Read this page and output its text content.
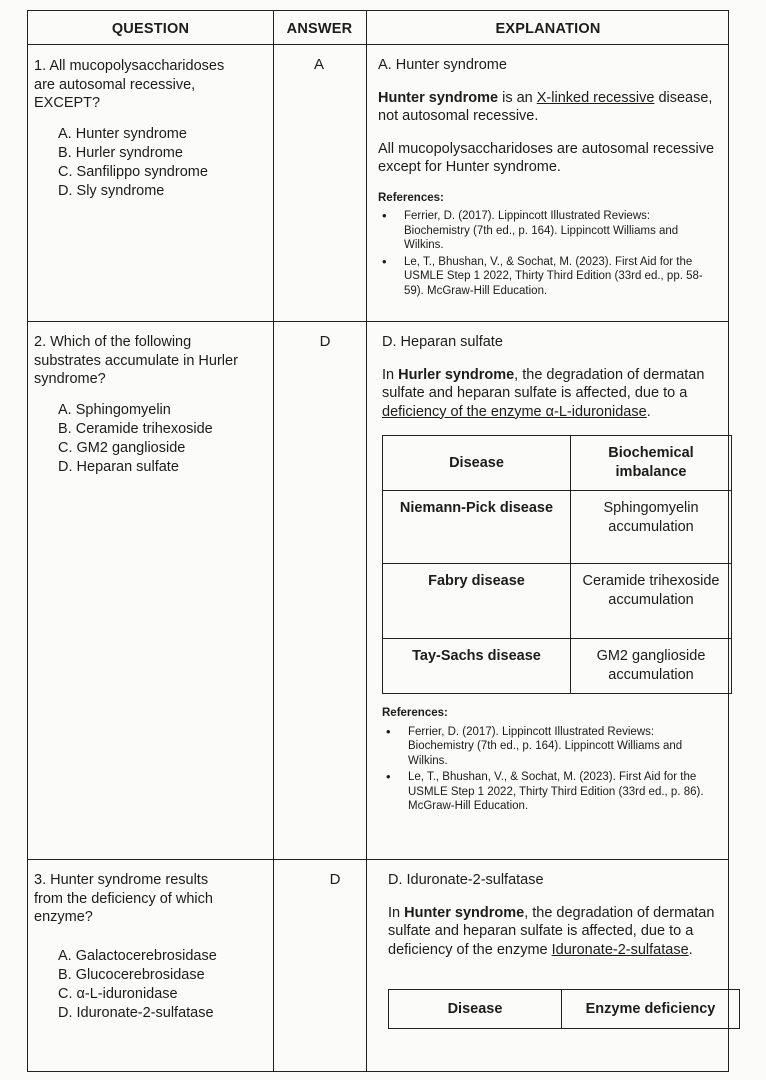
QUESTION	ANSWER	EXPLANATION
1. All mucopolysaccharidoses
are autosomal recessive,
EXCEPT?
A. Hunter syndrome
B. Hurler syndrome
C. Sanfilippo syndrome
D. Sly syndrome
A	A. Hunter syndrome

Hunter syndrome is an X-linked recessive disease, not autosomal recessive.

All mucopolysaccharidoses are autosomal recessive except for Hunter syndrome.

References:
• Ferrier, D. (2017). Lippincott Illustrated Reviews: Biochemistry (7th ed., p. 164). Lippincott Williams and Wilkins.
• Le, T., Bhushan, V., & Sochat, M. (2023). First Aid for the USMLE Step 1 2022, Thirty Third Edition (33rd ed., pp. 58-59). McGraw-Hill Education.
2. Which of the following
substrates accumulate in Hurler
syndrome?
A. Sphingomyelin
B. Ceramide trihexoside
C. GM2 ganglioside
D. Heparan sulfate
D	D. Heparan sulfate

In Hurler syndrome, the degradation of dermatan sulfate and heparan sulfate is affected, due to a deficiency of the enzyme α-L-iduronidase.

Disease	Biochemical imbalance
Niemann-Pick disease	Sphingomyelin accumulation
Fabry disease	Ceramide trihexoside accumulation
Tay-Sachs disease	GM2 ganglioside accumulation
References:
• Ferrier, D. (2017). Lippincott Illustrated Reviews: Biochemistry (7th ed., p. 164). Lippincott Williams and Wilkins.
• Le, T., Bhushan, V., & Sochat, M. (2023). First Aid for the USMLE Step 1 2022, Thirty Third Edition (33rd ed., p. 86). McGraw-Hill Education.
3. Hunter syndrome results
from the deficiency of which
enzyme?
A. Galactocerebrosidase
B. Glucocerebrosidase
C. α-L-iduronidase
D. Iduronate-2-sulfatase
D	D. Iduronate-2-sulfatase

In Hunter syndrome, the degradation of dermatan sulfate and heparan sulfate is affected, due to a deficiency of the enzyme Iduronate-2-sulfatase.

Disease	Enzyme deficiency
